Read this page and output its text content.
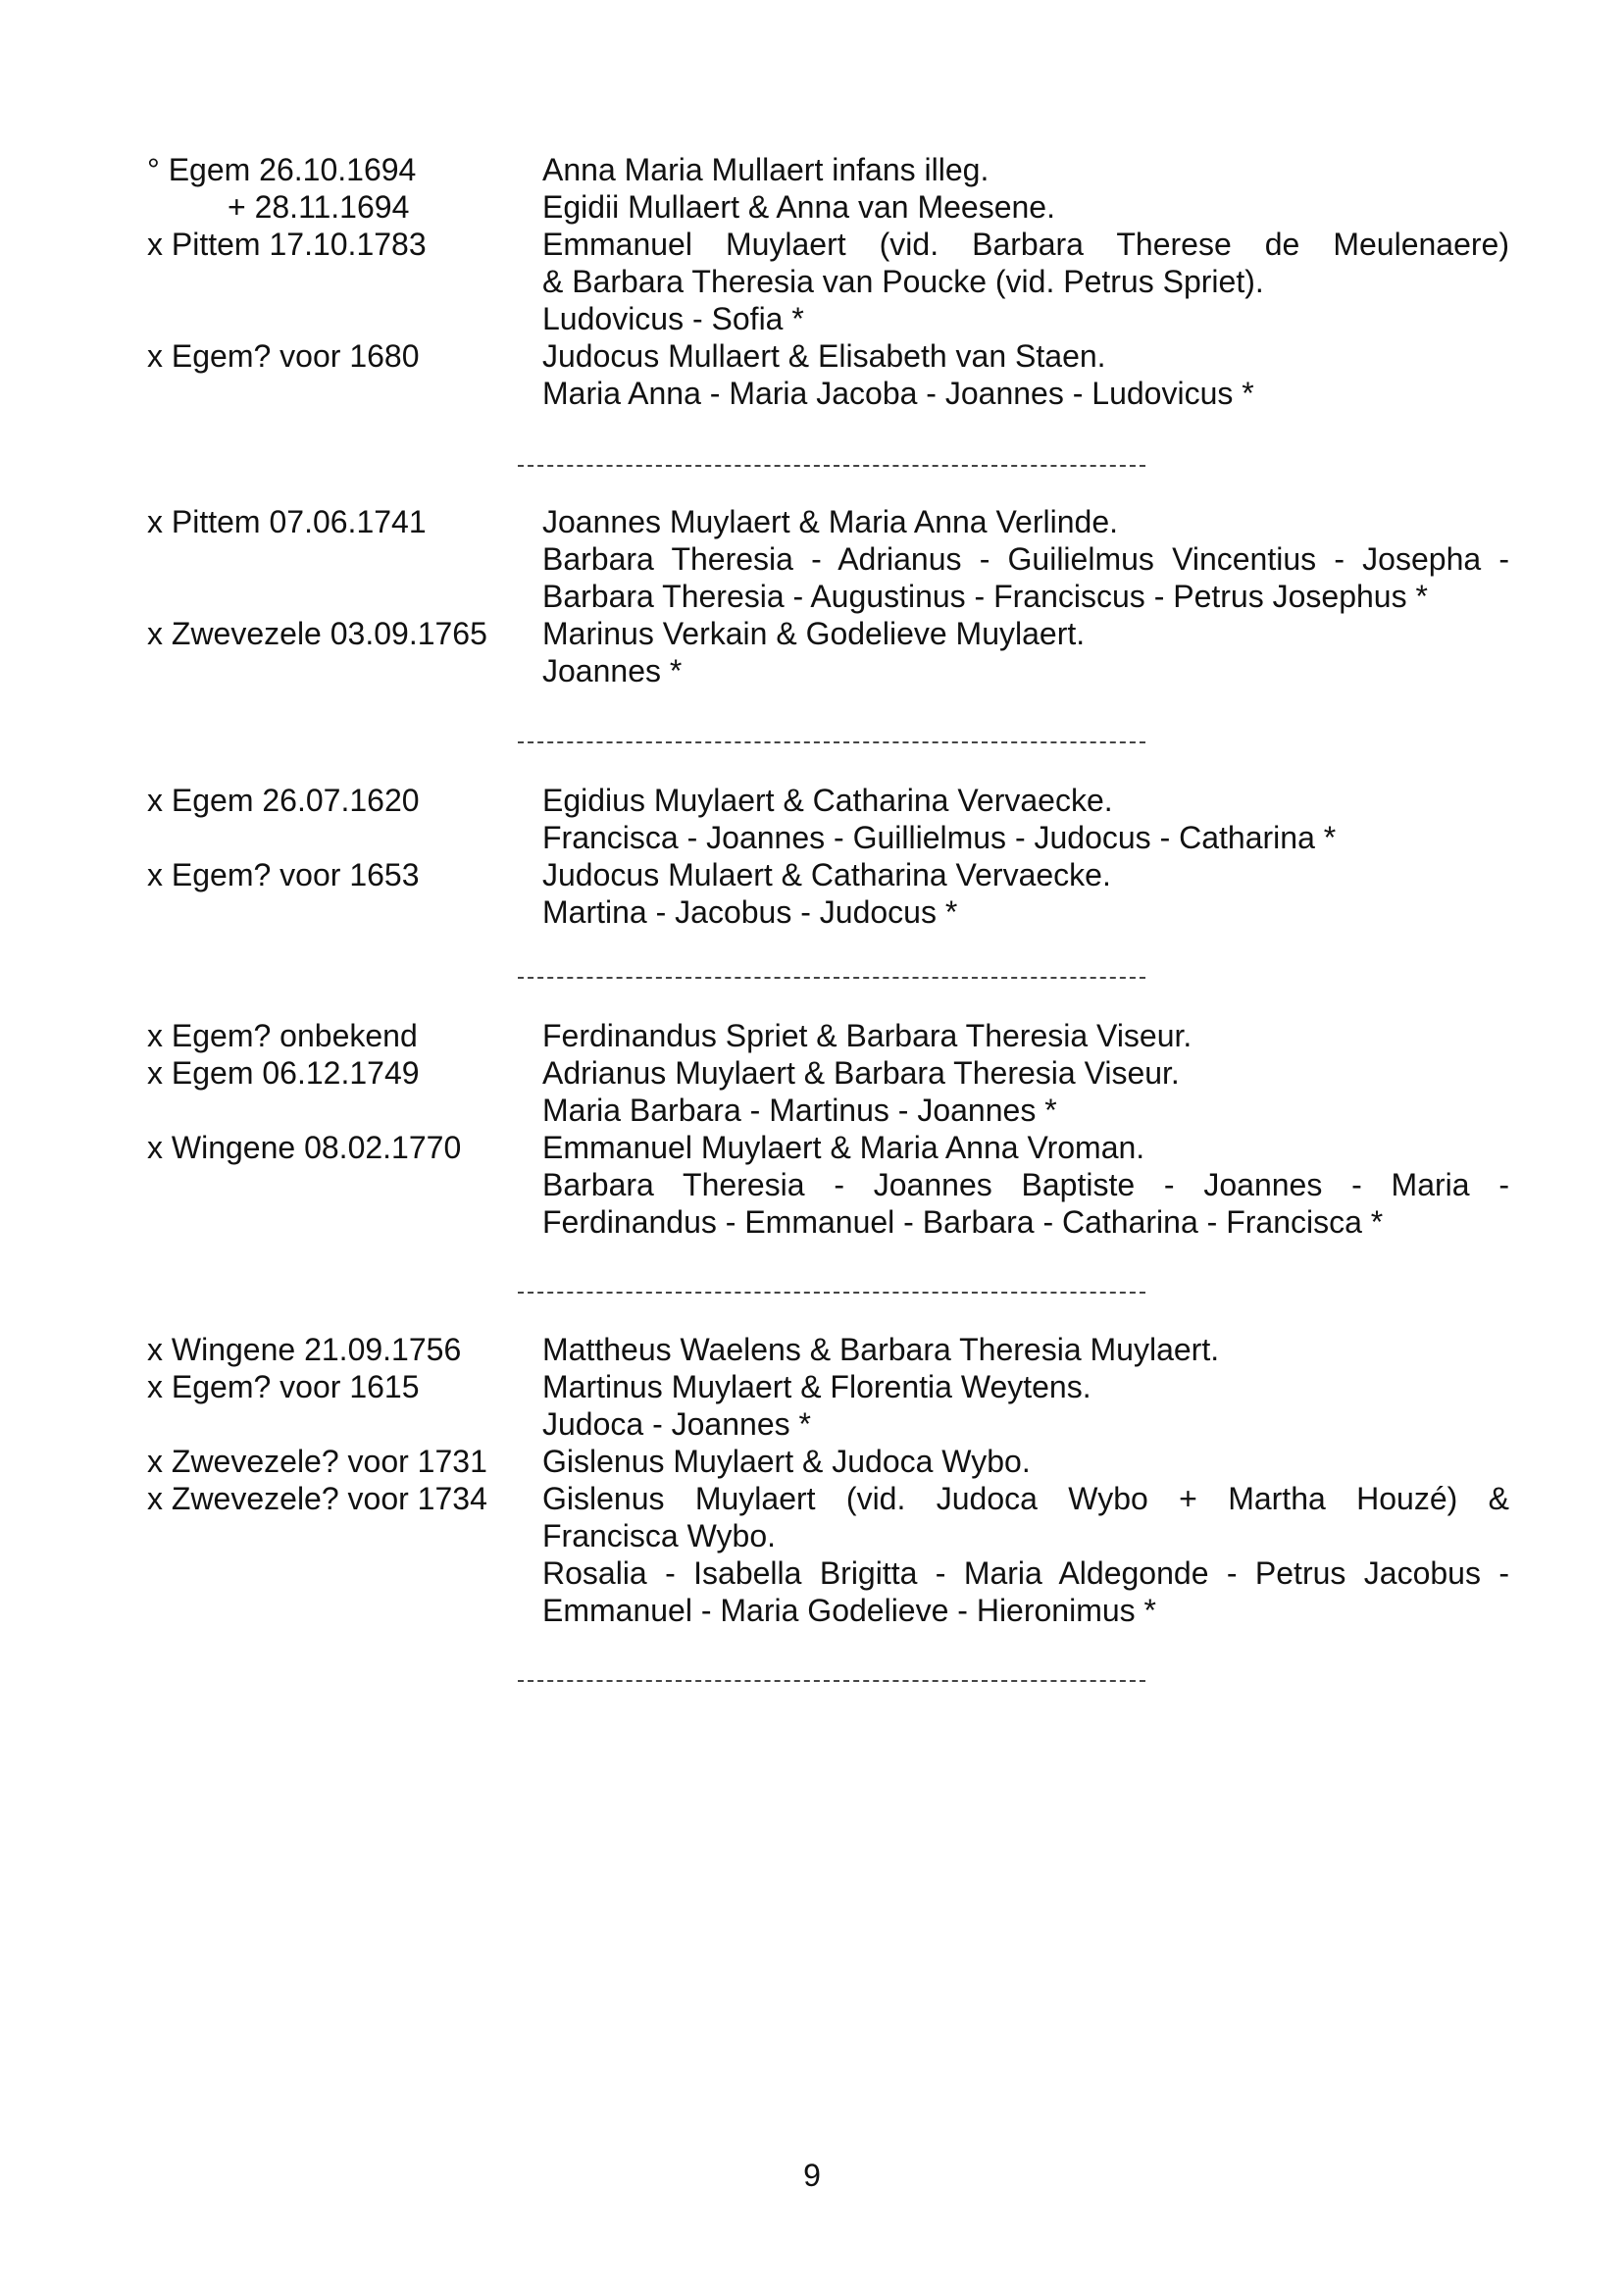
° Egem 26.10.1694	Anna Maria Mullaert infans illeg.
+ 28.11.1694	Egidii Mullaert & Anna van Meesene.
x Pittem 17.10.1783	Emmanuel Muylaert (vid. Barbara Therese de Meulenaere)
& Barbara Theresia van Poucke (vid. Petrus Spriet).
Ludovicus - Sofia *
x Egem? voor 1680	Judocus Mullaert & Elisabeth van Staen.
Maria Anna - Maria Jacoba - Joannes - Ludovicus *
x Pittem 07.06.1741	Joannes Muylaert & Maria Anna Verlinde.
Barbara Theresia - Adrianus - Guilielmus Vincentius - Josepha -
Barbara Theresia - Augustinus - Franciscus - Petrus Josephus *
x Zwevezele 03.09.1765	Marinus Verkain & Godelieve Muylaert.
Joannes *
x Egem 26.07.1620	Egidius Muylaert & Catharina Vervaecke.
Francisca - Joannes - Guillielmus - Judocus - Catharina *
x Egem? voor 1653	Judocus Mulaert & Catharina Vervaecke.
Martina - Jacobus - Judocus *
x Egem? onbekend	Ferdinandus Spriet & Barbara Theresia Viseur.
x Egem 06.12.1749	Adrianus Muylaert & Barbara Theresia Viseur.
Maria Barbara - Martinus - Joannes *
x Wingene 08.02.1770	Emmanuel Muylaert & Maria Anna Vroman.
Barbara Theresia - Joannes Baptiste - Joannes - Maria -
Ferdinandus - Emmanuel - Barbara - Catharina - Francisca *
x Wingene 21.09.1756	Mattheus Waelens & Barbara Theresia Muylaert.
x Egem? voor 1615	Martinus Muylaert & Florentia Weytens.
Judoca - Joannes *
x Zwevezele? voor 1731	Gislenus Muylaert & Judoca Wybo.
x Zwevezele? voor 1734	Gislenus Muylaert (vid. Judoca Wybo + Martha Houzé) &
Francisca Wybo.
Rosalia - Isabella Brigitta - Maria Aldegonde - Petrus Jacobus -
Emmanuel - Maria Godelieve - Hieronimus *
9
